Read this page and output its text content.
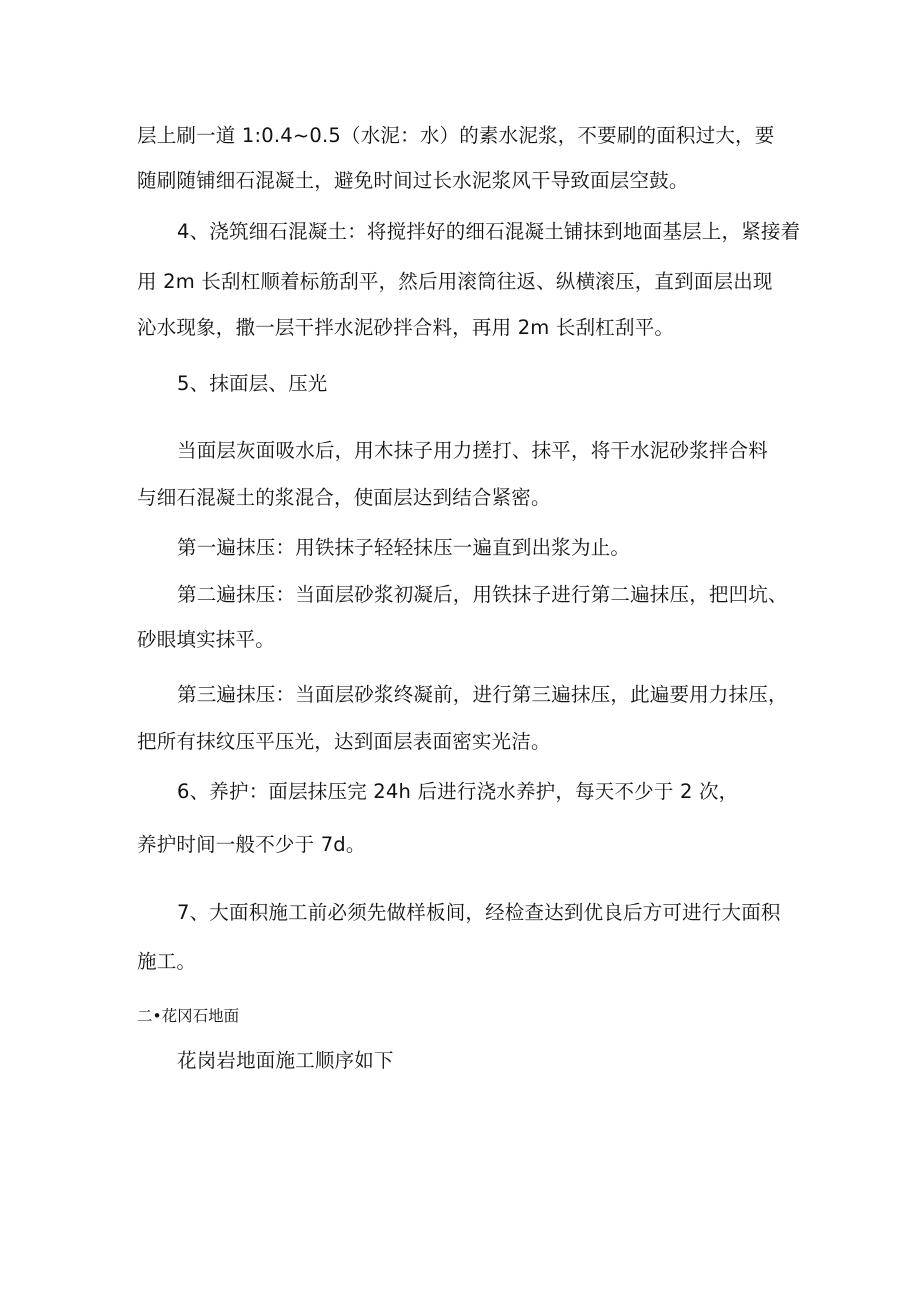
层上刷一道 1:0.4~0.5（水泥：水）的素水泥浆，不要刷的面积过大，要
随刷随铺细石混凝土，避免时间过长水泥浆风干导致面层空鼓。
4、浇筑细石混凝土：将搅拌好的细石混凝土铺抹到地面基层上，紧接着
用 2m 长刮杠顺着标筋刮平，然后用滚筒往返、纵横滚压，直到面层出现
沁水现象，撒一层干拌水泥砂拌合料，再用 2m 长刮杠刮平。
5、抹面层、压光
当面层灰面吸水后，用木抹子用力搓打、抹平，将干水泥砂浆拌合料
与细石混凝土的浆混合，使面层达到结合紧密。
第一遍抹压：用铁抹子轻轻抹压一遍直到出浆为止。
第二遍抹压：当面层砂浆初凝后，用铁抹子进行第二遍抹压，把凹坑、
砂眼填实抹平。
第三遍抹压：当面层砂浆终凝前，进行第三遍抹压，此遍要用力抹压，
把所有抹纹压平压光，达到面层表面密实光洁。
6、养护：面层抹压完 24h 后进行浇水养护，每天不少于 2 次，
养护时间一般不少于 7d。
7、大面积施工前必须先做样板间，经检查达到优良后方可进行大面积
施工。
二•花冈石地面
花岗岩地面施工顺序如下
